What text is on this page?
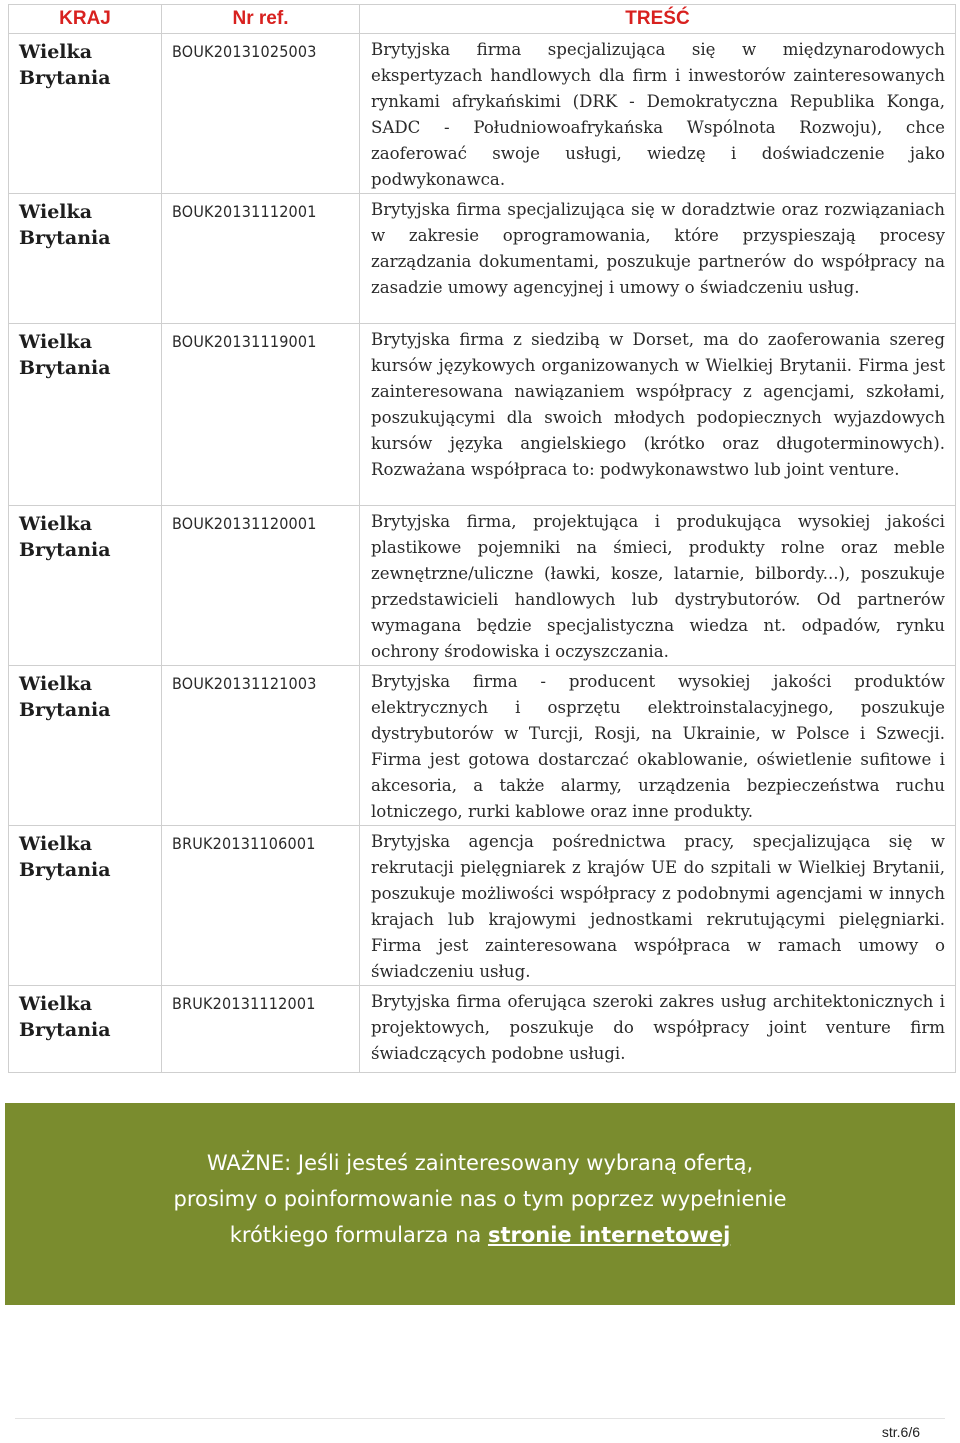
KRAJ	Nr ref.	TREŚĆ
Wielka Brytania	BOUK20131025003	Brytyjska firma specjalizująca się w międzynarodowych ekspertyzach handlowych dla firm i inwestorów zainteresowanych rynkami afrykańskimi (DRK - Demokratyczna Republika Konga, SADC - Południowoafrykańska Wspólnota Rozwoju), chce zaoferować swoje usługi, wiedzę i doświadczenie jako podwykonawca.
Wielka Brytania	BOUK20131112001	Brytyjska firma specjalizująca się w doradztwie oraz rozwiązaniach w zakresie oprogramowania, które przyspieszają procesy zarządzania dokumentami, poszukuje partnerów do współpracy na zasadzie umowy agencyjnej i umowy o świadczeniu usług.
Wielka Brytania	BOUK20131119001	Brytyjska firma z siedzibą w Dorset, ma do zaoferowania szereg kursów językowych organizowanych w Wielkiej Brytanii. Firma jest zainteresowana nawiązaniem współpracy z agencjami, szkołami, poszukującymi dla swoich młodych podopiecznych wyjazdowych kursów języka angielskiego (krótko oraz długoterminowych). Rozważana współpraca to: podwykonawstwo lub joint venture.
Wielka Brytania	BOUK20131120001	Brytyjska firma, projektująca i produkująca wysokiej jakości plastikowe pojemniki na śmieci, produkty rolne oraz meble zewnętrzne/uliczne (ławki, kosze, latarnie, bilbordy...), poszukuje przedstawicieli handlowych lub dystrybutorów. Od partnerów wymagana będzie specjalistyczna wiedza nt. odpadów, rynku ochrony środowiska i oczyszczania.
Wielka Brytania	BOUK20131121003	Brytyjska firma - producent wysokiej jakości produktów elektrycznych i osprzętu elektroinstalacyjnego, poszukuje dystrybutorów w Turcji, Rosji, na Ukrainie, w Polsce i Szwecji. Firma jest gotowa dostarczać okablowanie, oświetlenie sufitowe i akcesoria, a także alarmy, urządzenia bezpieczeństwa ruchu lotniczego, rurki kablowe oraz inne produkty.
Wielka Brytania	BRUK20131106001	Brytyjska agencja pośrednictwa pracy, specjalizująca się w rekrutacji pielęgniarek z krajów UE do szpitali w Wielkiej Brytanii, poszukuje możliwości współpracy z podobnymi agencjami w innych krajach lub krajowymi jednostkami rekrutującymi pielęgniarki. Firma jest zainteresowana współpraca w ramach umowy o świadczeniu usług.
Wielka Brytania	BRUK20131112001	Brytyjska firma oferująca szeroki zakres usług architektonicznych i projektowych, poszukuje do współpracy joint venture firm świadczących podobne usługi.
WAŻNE: Jeśli jesteś zainteresowany wybraną ofertą,
prosimy o poinformowanie nas o tym poprzez wypełnienie
krótkiego formularza na stronie internetowej
str.6/6
